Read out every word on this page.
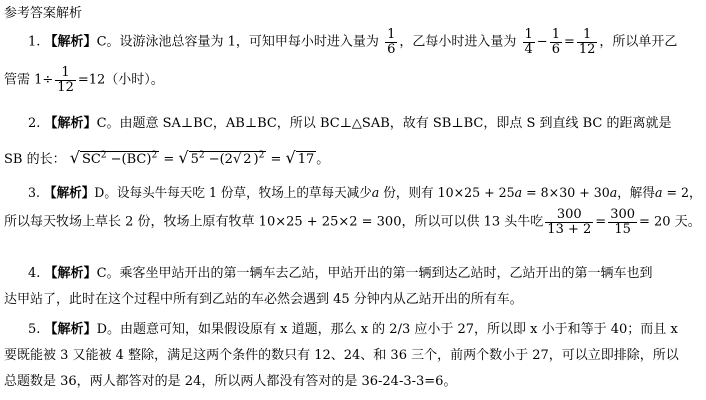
参考答案解析
1. 【解析】C。设游泳池总容量为 1，可知甲每小时进入量为 $\frac{1}{6}$ ，乙每小时进入量为 $\frac{1}{4} - \frac{1}{6} = \frac{1}{12}$ ，所以单开乙
管需 $1\div \frac{1}{12} =12$（小时）。
2. 【解析】C。由题意 SA⊥BC，AB⊥BC，所以 BC⊥△SAB，故有 SB⊥BC，即点 S 到直线 BC 的距离就是
SB 的长： √ $SC^2 -(BC)^2$ = √ $5^2 -(2√$ 2 )$^2$ = √ 17 。
3. 【解析】D。设每头牛每天吃 1 份草，牧场上的草每天减少a 份，则有 10×25 + 25a = 8×30 + 30a，解得a = 2，
所以每天牧场上草长 2 份，牧场上原有牧草 10×25 + 25×2 = 300，所以可以供 13 头牛吃 $\frac{300}{13 + 2} = \frac{300}{15} = 20$ 天。
4. 【解析】C。乘客坐甲站开出的第一辆车去乙站，甲站开出的第一辆到达乙站时，乙站开出的第一辆车也到
达甲站了，此时在这个过程中所有到乙站的车必然会遇到 45 分钟内从乙站开出的所有车。
5. 【解析】D。由题意可知，如果假设原有 x 道题，那么 x 的 2/3 应小于 27，所以即 x 小于和等于 40；而且 x
要既能被 3 又能被 4 整除，满足这两个条件的数只有 12、24、和 36 三个，前两个数小于 27，可以立即排除，所以
总题数是 36，两人都答对的是 24，所以两人都没有答对的是 36-24-3-3=6。
